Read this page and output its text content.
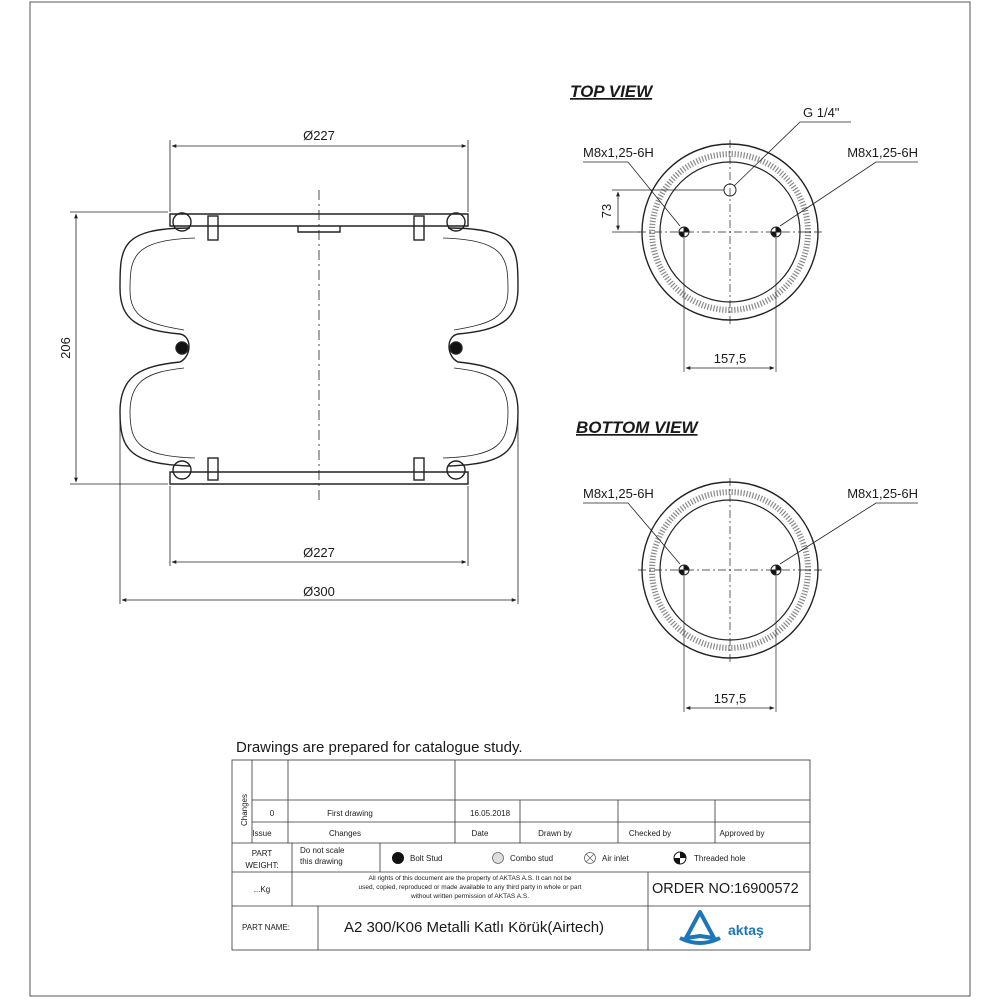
Ø227
Ø227
Ø300
206
TOP VIEW
M8x1,25-6H	M8x1,25-6H
G 1/4"
73
157,5
BOTTOM VIEW
M8x1,25-6H	M8x1,25-6H
157,5
Drawings are prepared for catalogue study.
Changes	0	First drawing	16.05.2018
Issue	Changes	Date	Drawn by	Checked by	Approved by
PART
WEIGHT:
...Kg
Do not scale
this drawing	Bolt Stud	Combo stud	Air inlet	Threaded hole
All rights of this document are the property of AKTAS A.S. It can not be
used, copied, reproduced or made available to any third party in whole or part
without written permission of AKTAS A.S.	ORDER NO:16900572
PART NAME:	A2 300/K06 Metalli Katlı Körük(Airtech)	aktaş
